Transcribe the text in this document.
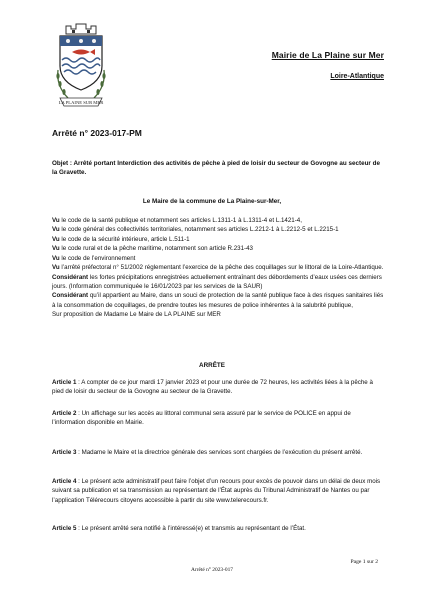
LA PLAINE SUR MER
Mairie de La Plaine sur Mer
Loire-Atlantique
Arrêté n° 2023-017-PM
Objet : Arrêté portant Interdiction des activités de pêche à pied de loisir du secteur de Govogne au secteur de la Gravette.
Le Maire de la commune de La Plaine-sur-Mer,

Vu le code de la santé publique et notamment ses articles L.1311-1 à L.1311-4 et L.1421-4,

Vu le code général des collectivités territoriales, notamment ses articles L.2212-1 à L.2212-5 et L.2215-1

Vu le code de la sécurité intérieure, article L.511-1

Vu le code rural et de la pêche maritime, notamment son article R.231-43

Vu le code de l’environnement

Vu l’arrêté préfectoral n° 51/2002 réglementant l’exercice de la pêche des coquillages sur le littoral de la Loire-Atlantique.

Considérant les fortes précipitations enregistrées actuellement entraînant des débordements d’eaux usées ces derniers jours. (Information communiquée le 16/01/2023 par les services de la SAUR)

Considérant qu’il appartient au Maire, dans un souci de protection de la santé publique face à des risques sanitaires liés à la consommation de coquillages, de prendre toutes les mesures de police inhérentes à la salubrité publique,

Sur proposition de Madame Le Maire de LA PLAINE sur MER

ARRÊTE

Article 1 : A compter de ce jour mardi 17 janvier 2023 et pour une durée de 72 heures, les activités liées à la pêche à pied de loisir du secteur de la Govogne au secteur de la Gravette.

Article 2 : Un affichage sur les accès au littoral communal sera assuré par le service de POLICE en appui de l’information disponible en Mairie.

Article 3 : Madame le Maire et la directrice générale des services sont chargées de l’exécution du présent arrêté.

Article 4 : Le présent acte administratif peut faire l’objet d’un recours pour excès de pouvoir dans un délai de deux mois suivant sa publication et sa transmission au représentant de l’État auprès du Tribunal Administratif de Nantes ou par l’application Télérecours citoyens accessible à partir du site www.telerecours.fr.

Article 5 : Le présent arrêté sera notifié à l’intéressé(e) et transmis au représentant de l’État.

Page 1 sur 2
Arrêté n° 2023-017
